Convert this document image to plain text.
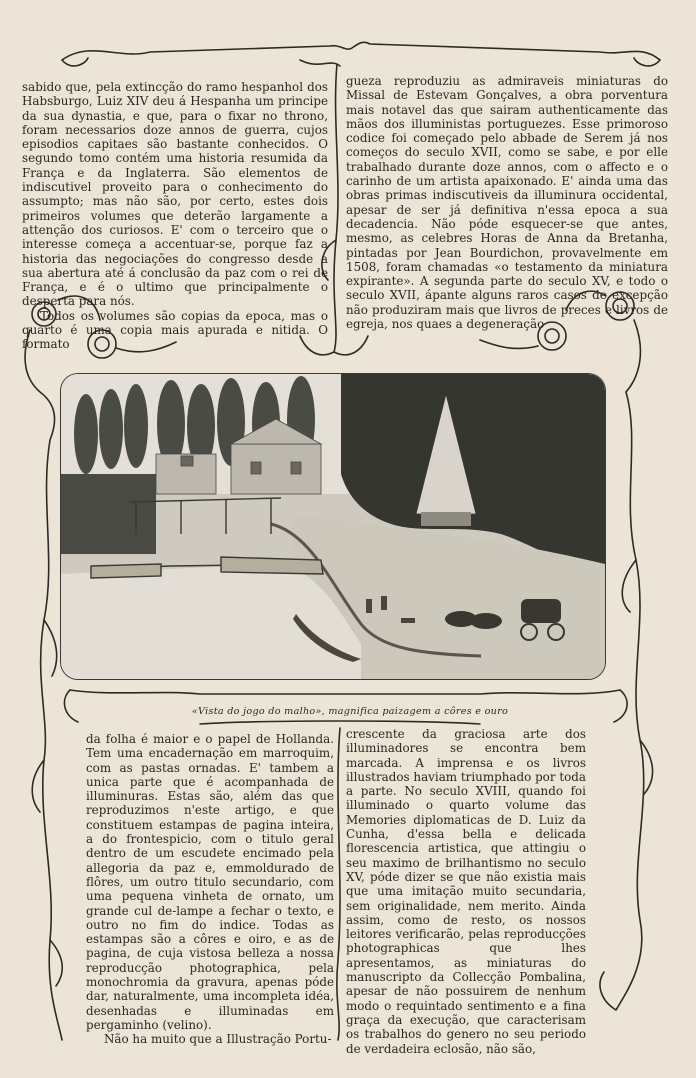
sabido que, pela extincção do ramo hespanhol dos Habsburgo, Luiz XIV deu á Hespanha um principe da sua dynastia, e que, para o fixar no throno, foram necessarios doze annos de guerra, cujos episodios capitaes são bastante conhecidos. O segundo tomo contém uma historia resumida da França e da Inglaterra. São elementos de indiscutivel proveito para o conhecimento do assumpto; mas não são, por certo, estes dois primeiros volumes que deterão largamente a attenção dos curiosos. E' com o terceiro que o interesse começa a accentuar-se, porque faz a historia das negociações do congresso desde a sua abertura até á conclusão da paz com o rei de França, e é o ultimo que principalmente o desperta para nós.

Todos os volumes são copias da epoca, mas o quarto é uma copia mais apurada e nitida. O formato

gueza reproduziu as admiraveis miniaturas do Missal de Estevam Gonçalves, a obra porventura mais notavel das que sairam authenticamente das mãos dos illuministas portuguezes. Esse primoroso codice foi começado pelo abbade de Serem já nos começos do seculo XVII, como se sabe, e por elle trabalhado durante doze annos, com o affecto e o carinho de um artista apaixonado. E' ainda uma das obras primas indiscutiveis da illuminura occidental, apesar de ser já definitiva n'essa epoca a sua decadencia. Não póde esquecer-se que antes, mesmo, as celebres Horas de Anna da Bretanha, pintadas por Jean Bourdichon, provavelmente em 1508, foram chamadas «o testamento da miniatura expirante». A segunda parte do seculo XV, e todo o seculo XVII, ápante alguns raros casos de excepção não produziram mais que livros de preces e livros de egreja, nos quaes a degeneração

«Vista do jogo do malho», magnifica paizagem a côres e ouro

da folha é maior e o papel de Hollanda. Tem uma encadernação em marroquim, com as pastas ornadas. E' tambem a unica parte que é acompanhada de illuminuras. Estas são, além das que reproduzimos n'este artigo, e que constituem estampas de pagina inteira, a do frontespicio, com o titulo geral dentro de um escudete encimado pela allegoria da paz e, emmoldurado de flôres, um outro titulo secundario, com uma pequena vinheta de ornato, um grande cul de-lampe a fechar o texto, e outro no fim do indice. Todas as estampas são a côres e oiro, e as de pagina, de cuja vistosa belleza a nossa reproducção photographica, pela monochromia da gravura, apenas póde dar, naturalmente, uma incompleta idéa, desenhadas e illuminadas em pergaminho (velino).

Não ha muito que a Illustração Portu-

crescente da graciosa arte dos illuminadores se encontra bem marcada. A imprensa e os livros illustrados haviam triumphado por toda a parte. No seculo XVIII, quando foi illuminado o quarto volume das Memories diplomaticas de D. Luiz da Cunha, d'essa bella e delicada florescencia artistica, que attingiu o seu maximo de brilhantismo no seculo XV, póde dizer se que não existia mais que uma imitação muito secundaria, sem originalidade, nem merito. Ainda assim, como de resto, os nossos leitores verificarão, pelas reproducções photographicas que lhes apresentamos, as miniaturas do manuscripto da Collecção Pombalina, apesar de não possuirem de nenhum modo o requintado sentimento e a fina graça da execução, que caracterisam os trabalhos do genero no seu periodo de verdadeira eclosão, não são,
